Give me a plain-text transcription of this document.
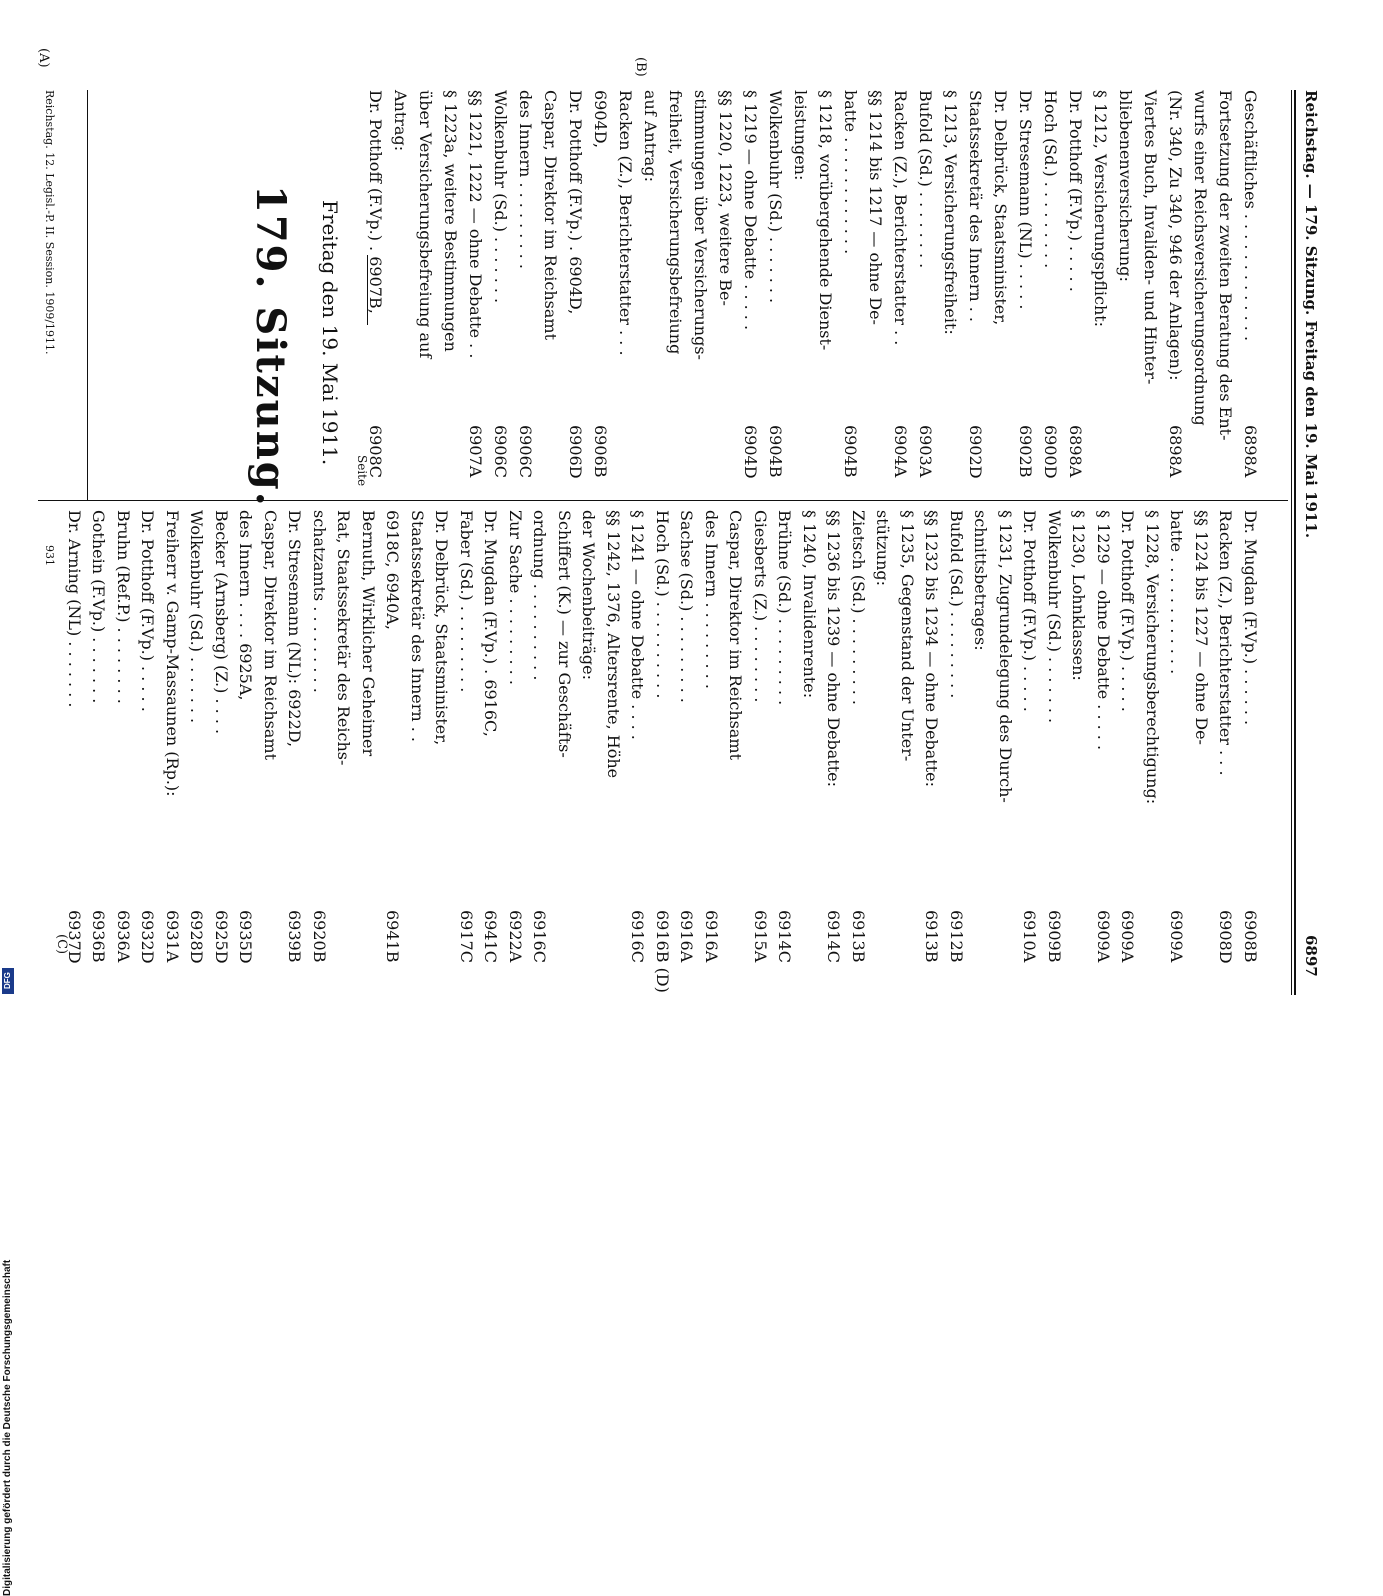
Reichstag. — 179. Sitzung. Freitag den 19. Mai 1911.
6897
(A)	(B)
(C)
179. Sitzung. Freitag den 19. Mai 1911.
Seite
Geschäftliches . . . . . . . . . . . . .
6898A
Fortsetzung der zweiten Beratung des Ent-
wurfs einer Reichsversicherungsordnung
(Nr. 340, Zu 340, 946 der Anlagen):
6898A
Viertes Buch, Invaliden- und Hinter-
bliebenenversicherung:
§ 1212, Versicherungspflicht:
Dr. Potthoff (F.Vp.) . . . . .
6898A
Hoch (Sd.) . . . . . . . . .
6900D
Dr. Stresemann (NL) . . . . .
6902B
Dr. Delbrück, Staatsminister,
Staatssekretär des Innern . .
6902D
§ 1213, Versicherungsfreiheit:
Bufold (Sd.) . . . . . . . .
6903A
Racken (Z.), Berichterstatter . .
6904A
§§ 1214 bis 1217 — ohne De-
batte . . . . . . . . . . . .
6904B
§ 1218, vorübergehende Dienst-
leistungen:
Wolkenbuhr (Sd.) . . . . . . .
6904B
§ 1219 — ohne Debatte . . . . .
6904D
§§ 1220, 1223, weitere Be-
stimmungen über Versicherungs-
freiheit, Versicherungsbefreiung
auf Antrag:
Racken (Z.), Berichterstatter . . .
6904D,
6906B
Dr. Potthoff (F.Vp.) . 6904D,
6906D
Caspar, Direktor im Reichsamt
des Innern . . . . . . . . .
6906C
Wolkenbuhr (Sd.) . . . . . . .
6906C
§§ 1221, 1222 — ohne Debatte . .
6907A
§ 1223a, weitere Bestimmungen
über Versicherungsbefreiung auf
Antrag:
Dr. Potthoff (F.Vp.) . 6907B,
6908C
Dr. Mugdan (F.Vp.) . . . . . .
6908B
Racken (Z.), Berichterstatter . . .
6908D
§§ 1224 bis 1227 — ohne De-
batte . . . . . . . . . . . .
6909A
§ 1228, Versicherungsberechtigung:
Dr. Potthoff (F.Vp.) . . . . .
6909A
§ 1229 — ohne Debatte . . . . .
6909A
§ 1230, Lohnklassen:
Wolkenbuhr (Sd.) . . . . . . .
6909B
Dr. Potthoff (F.Vp.) . . . . .
6910A
§ 1231, Zugrundelegung des Durch-
schnittsbetrages:
Bufold (Sd.) . . . . . . . . .
6912B
§§ 1232 bis 1234 — ohne Debatte:
6913B
§ 1235, Gegenstand der Unter-
stützung:
Zietsch (Sd.) . . . . . . . . .
6913B
§§ 1236 bis 1239 — ohne Debatte:
6914C
§ 1240, Invalidenrente:
Brühne (Sd.) . . . . . . . . .
6914C
Giesberts (Z.) . . . . . . . .
6915A
Caspar, Direktor im Reichsamt
des Innern . . . . . . . . .
6916A
Sachse (Sd.) . . . . . . . . .
6916A
Hoch (Sd.) . . . . . . . . . .
6916B (D)
§ 1241 — ohne Debatte . . . .
6916C
§§ 1242, 1376, Altersrente, Höhe
der Wochenbeiträge:
Schiffert (K.) — zur Geschäfts-
ordnung . . . . . . . . . .
6916C
Zur Sache . . . . . . . . .
6922A
Dr. Mugdan (F.Vp.) . 6916C,
6941C
Faber (Sd.) . . . . . . . . .
6917C
Dr. Delbrück, Staatsminister,
Staatssekretär des Innern . .
6918C, 6940A,
6941B
Bernuth, Wirklicher Geheimer
Rat, Staatssekretär des Reichs-
schatzamts . . . . . . . . .
6920B
Dr. Stresemann (NL): 6922D,
6939B
Caspar, Direktor im Reichsamt
des Innern . . . . 6925A,
6935D
Becker (Arnsberg) (Z.) . . . .
6925D
Wolkenbuhr (Sd.) . . . . . . .
6928D
Freiherr v. Gamp-Massaunen (Rp.):
6931A
Dr. Potthoff (F.Vp.) . . . . .
6932D
Bruhn (Ref.P.) . . . . . . . .
6936A
Gothein (F.Vp.) . . . . . . .
6936B
Dr. Arning (NL) . . . . . . .
6937D
Reichstag. 12. Legisl.-P. II. Session. 1909/1911.
931
Digitalisierung gefördert durch die Deutsche Forschungsgemeinschaft
DFG
